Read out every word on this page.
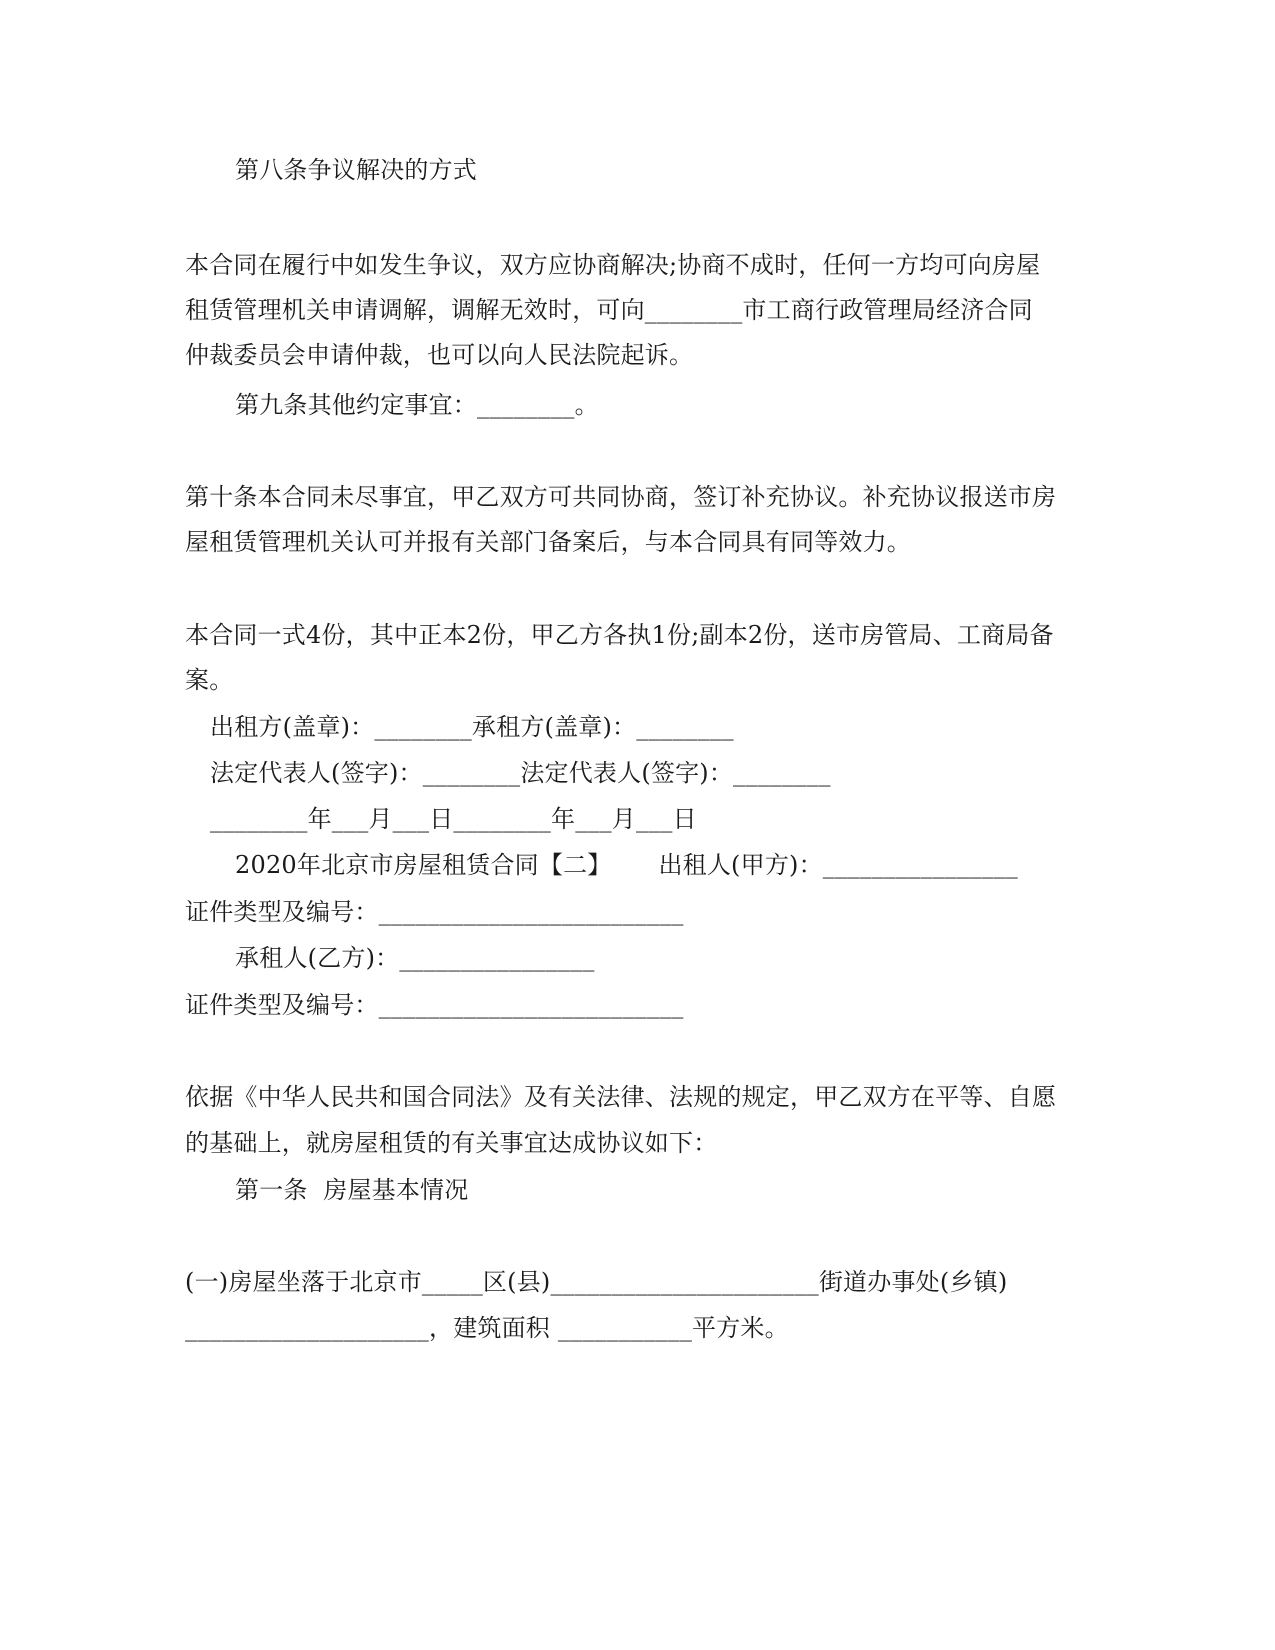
第八条争议解决的方式
本合同在履行中如发生争议，双方应协商解决;协商不成时，任何一方均可向房屋
租赁管理机关申请调解，调解无效时，可向________市工商行政管理局经济合同
仲裁委员会申请仲裁，也可以向人民法院起诉。
第九条其他约定事宜：________。
第十条本合同未尽事宜，甲乙双方可共同协商，签订补充协议。补充协议报送市房
屋租赁管理机关认可并报有关部门备案后，与本合同具有同等效力。
本合同一式4份，其中正本2份，甲乙方各执1份;副本2份，送市房管局、工商局备
案。
出租方(盖章)：________承租方(盖章)：________
法定代表人(签字)：________法定代表人(签字)：________
________年___月___日________年___月___日
2020年北京市房屋租赁合同【二】      出租人(甲方)：________________
证件类型及编号：_________________________
承租人(乙方)：________________
证件类型及编号：_________________________
依据《中华人民共和国合同法》及有关法律、法规的规定，甲乙双方在平等、自愿
的基础上，就房屋租赁的有关事宜达成协议如下：
第一条  房屋基本情况
(一)房屋坐落于北京市_____区(县)______________________街道办事处(乡镇)
____________________，建筑面积 ___________平方米。
